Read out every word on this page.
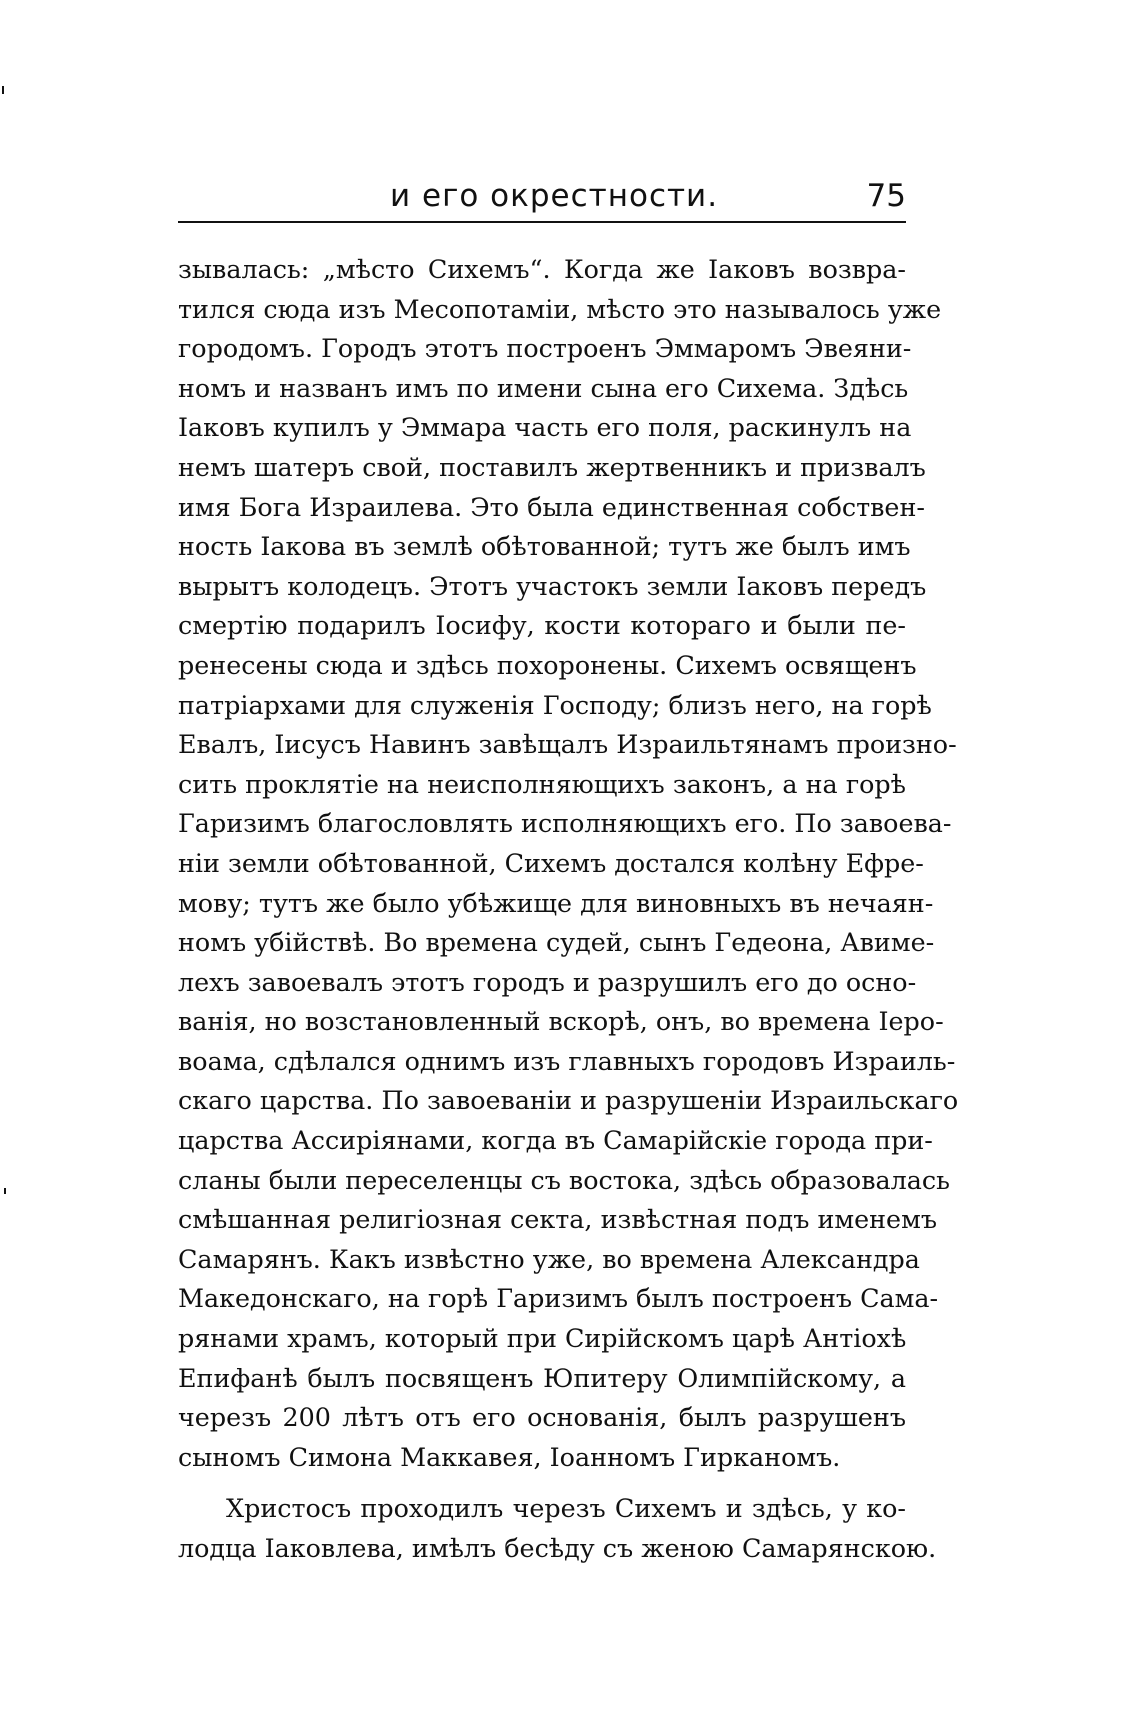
и его окрестности.	75
зывалась: „мѣсто Сихемъ“. Когда же Іаковъ возвра-
тился сюда изъ Месопотаміи, мѣсто это называлось уже
городомъ. Городъ этотъ построенъ Эммаромъ Эвеяни-
номъ и названъ имъ по имени сына его Сихема. Здѣсь
Іаковъ купилъ у Эммара часть его поля, раскинулъ на
немъ шатеръ свой, поставилъ жертвенникъ и призвалъ
имя Бога Израилева. Это была единственная собствен-
ность Іакова въ землѣ обѣтованной; тутъ же былъ имъ
вырытъ колодецъ. Этотъ участокъ земли Іаковъ передъ
смертію подарилъ Іосифу, кости котораго и были пе-
ренесены сюда и здѣсь похоронены. Сихемъ освященъ
патріархами для служенія Господу; близъ него, на горѣ
Евалъ, Іисусъ Навинъ завѣщалъ Израильтянамъ произно-
сить проклятіе на неисполняющихъ законъ, а на горѣ
Гаризимъ благословлять исполняющихъ его. По завоева-
ніи земли обѣтованной, Сихемъ достался колѣну Ефре-
мову; тутъ же было убѣжище для виновныхъ въ нечаян-
номъ убійствѣ. Во времена судей, сынъ Гедеона, Авиме-
лехъ завоевалъ этотъ городъ и разрушилъ его до осно-
ванія, но возстановленный вскорѣ, онъ, во времена Іеро-
воама, сдѣлался однимъ изъ главныхъ городовъ Израиль-
скаго царства. По завоеваніи и разрушеніи Израильскаго
царства Ассиріянами, когда въ Самарійскіе города при-
сланы были переселенцы съ востока, здѣсь образовалась
смѣшанная религіозная секта, извѣстная подъ именемъ
Самарянъ. Какъ извѣстно уже, во времена Александра
Македонскаго, на горѣ Гаризимъ былъ построенъ Сама-
рянами храмъ, который при Сирійскомъ царѣ Антіохѣ
Епифанѣ былъ посвященъ Юпитеру Олимпійскому, а
черезъ 200 лѣтъ отъ его основанія, былъ разрушенъ
сыномъ Симона Маккавея, Іоанномъ Гирканомъ.
Христосъ проходилъ черезъ Сихемъ и здѣсь, у ко-
лодца Іаковлева, имѣлъ бесѣду съ женою Самарянскою.
